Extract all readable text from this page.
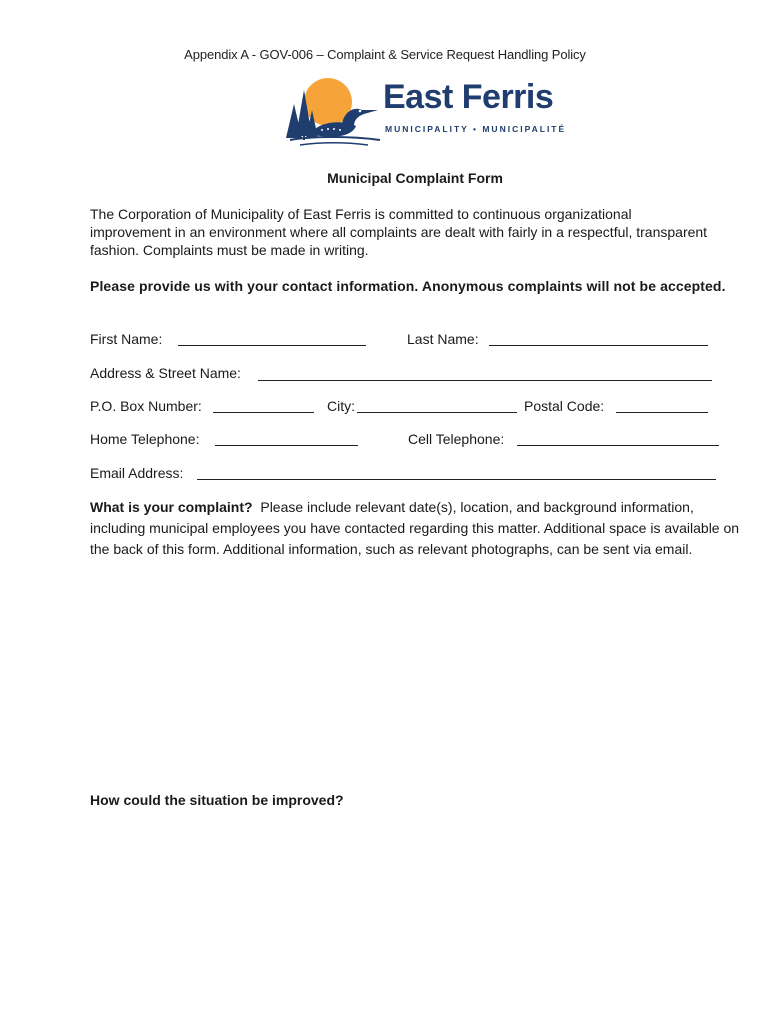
Appendix A - GOV-006 – Complaint & Service Request Handling Policy
East Ferris
MUNICIPALITY • MUNICIPALITÉ
Municipal Complaint Form
The Corporation of Municipality of East Ferris is committed to continuous organizational improvement in an environment where all complaints are dealt with fairly in a respectful, transparent fashion. Complaints must be made in writing.
Please provide us with your contact information. Anonymous complaints will not be accepted.
First Name:	Last Name:
Address & Street Name:
P.O. Box Number:	City:	Postal Code:
Home Telephone:	Cell Telephone:
Email Address:
What is your complaint? Please include relevant date(s), location, and background information, including municipal employees you have contacted regarding this matter. Additional space is available on the back of this form. Additional information, such as relevant photographs, can be sent via email.
How could the situation be improved?
